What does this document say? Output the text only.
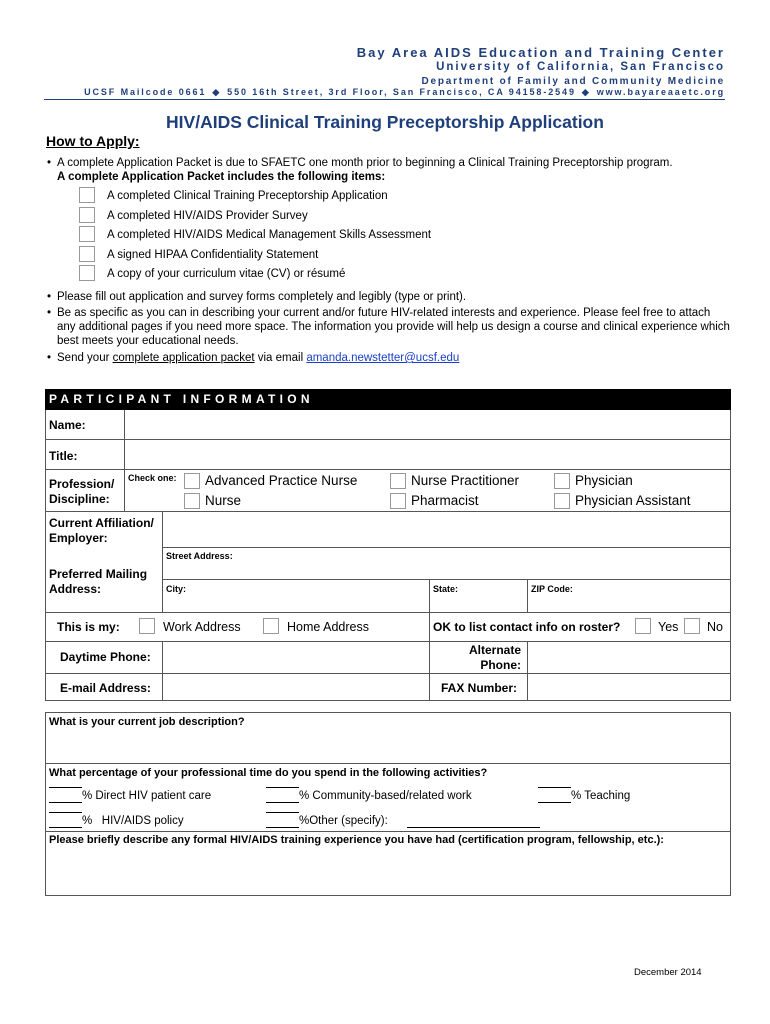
Bay Area AIDS Education and Training Center
University of California, San Francisco
Department of Family and Community Medicine
UCSF Mailcode 0661 ◆ 550 16th Street, 3rd Floor, San Francisco, CA 94158-2549 ◆ www.bayareaaetc.org
HIV/AIDS Clinical Training Preceptorship Application
How to Apply:
• A complete Application Packet is due to SFAETC one month prior to beginning a Clinical Training Preceptorship program.
A complete Application Packet includes the following items:
A completed Clinical Training Preceptorship Application
A completed HIV/AIDS Provider Survey
A completed HIV/AIDS Medical Management Skills Assessment
A signed HIPAA Confidentiality Statement
A copy of your curriculum vitae (CV) or résumé
• Please fill out application and survey forms completely and legibly (type or print).
• Be as specific as you can in describing your current and/or future HIV-related interests and experience. Please feel free to attach
any additional pages if you need more space. The information you provide will help us design a course and clinical experience which
best meets your educational needs.
• Send your complete application packet via email amanda.newstetter@ucsf.edu
PARTICIPANT INFORMATION
Name:
Title:
Profession/
Discipline:
Check one: Advanced Practice Nurse	Nurse Practitioner	Physician
Nurse	Pharmacist	Physician Assistant
Current Affiliation/
Employer:
Preferred Mailing
Address:
Street Address:
City:	State:	ZIP Code:
This is my:	Work Address	Home Address	OK to list contact info on roster?	Yes No
Daytime Phone:	Alternate
Phone:
E-mail Address:	FAX Number:
What is your current job description?
What percentage of your professional time do you spend in the following activities?
% Direct HIV patient care	% Community-based/related work	% Teaching
%   HIV/AIDS policy	%Other (specify):
Please briefly describe any formal HIV/AIDS training experience you have had (certification program, fellowship, etc.):
December 2014
